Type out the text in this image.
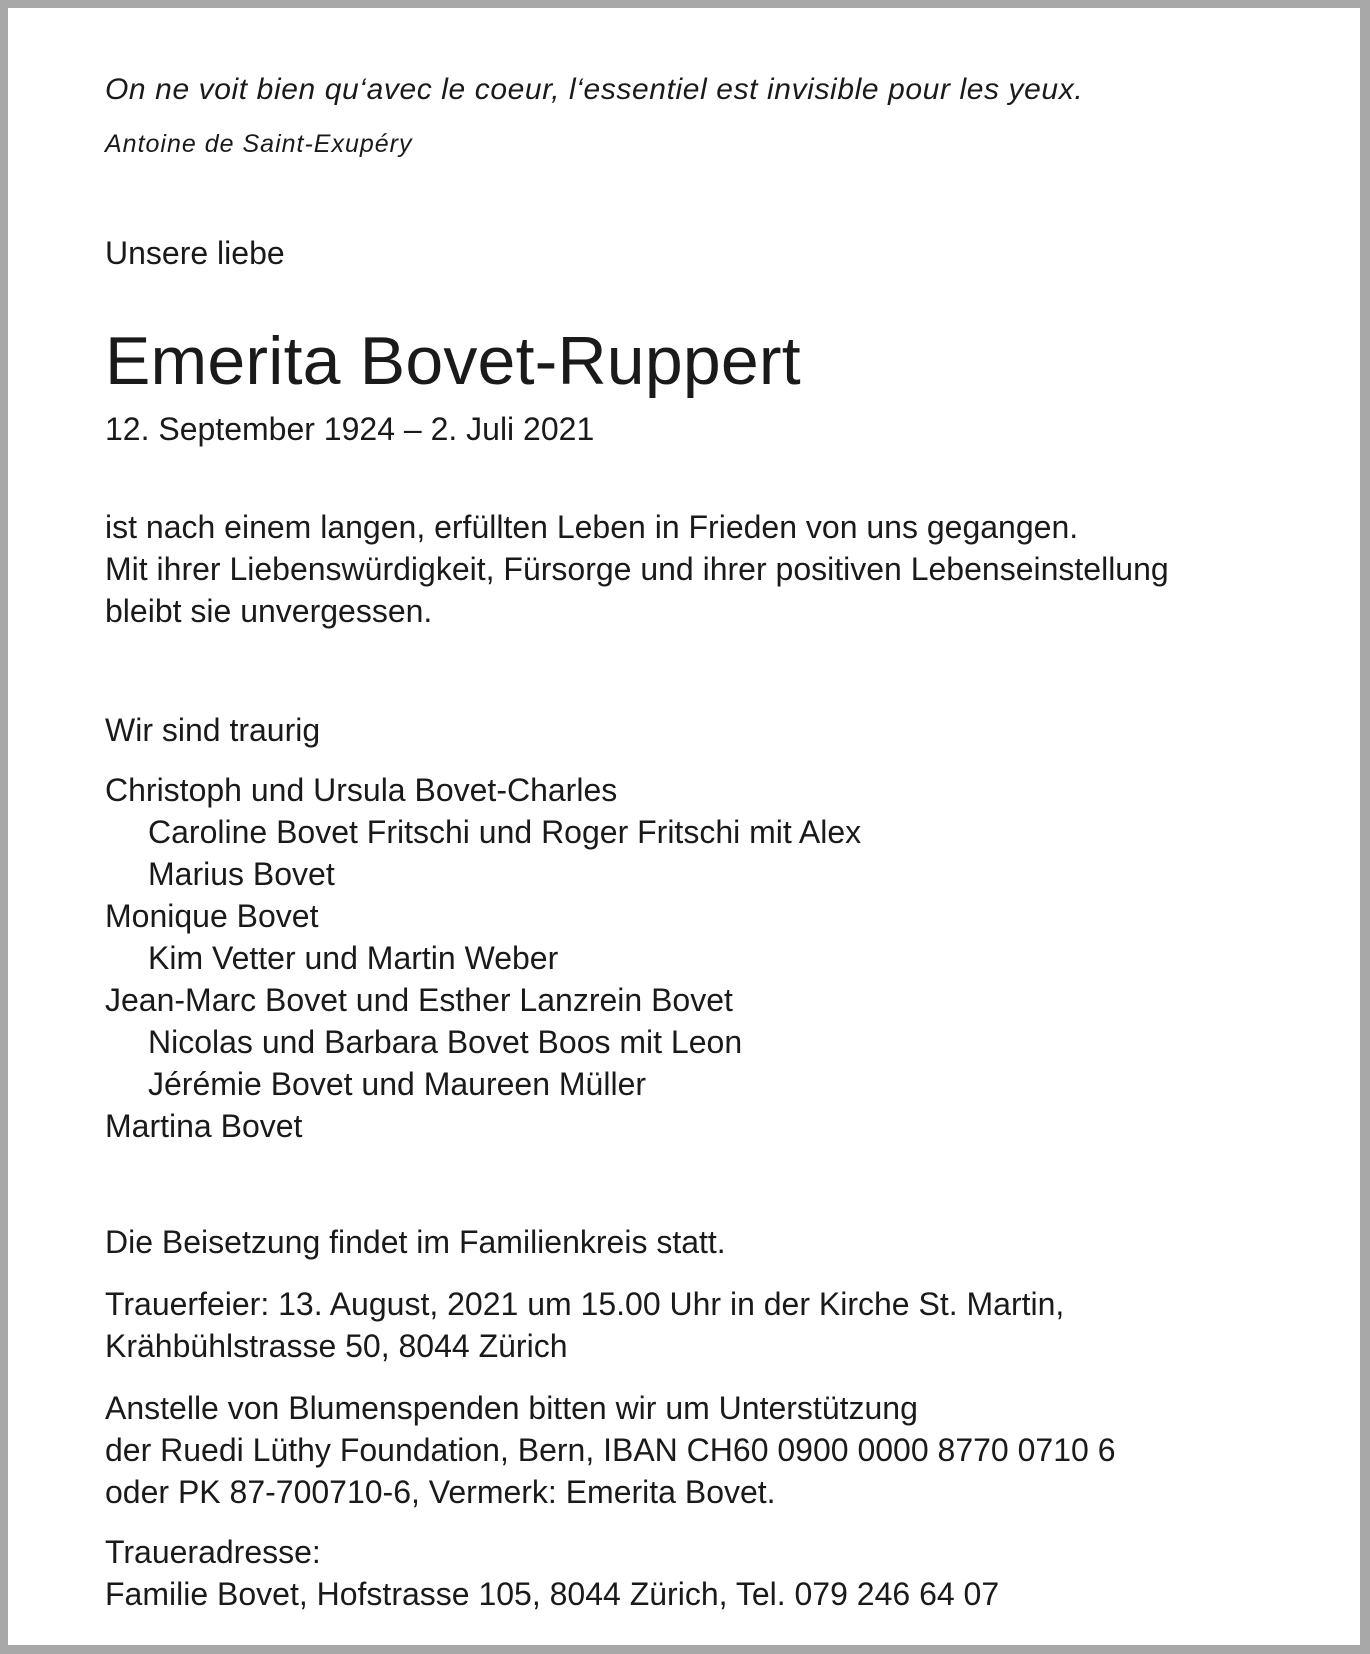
On ne voit bien qu‘avec le coeur, l‘essentiel est invisible pour les yeux.

Antoine de Saint-Exupéry

Unsere liebe

Emerita Bovet-Ruppert

12. September 1924 – 2. Juli 2021

ist nach einem langen, erfüllten Leben in Frieden von uns gegangen.
Mit ihrer Liebenswürdigkeit, Fürsorge und ihrer positiven Lebenseinstellung
bleibt sie unvergessen.

Wir sind traurig

Christoph und Ursula Bovet-Charles
Caroline Bovet Fritschi und Roger Fritschi mit Alex
Marius Bovet
Monique Bovet
Kim Vetter und Martin Weber
Jean-Marc Bovet und Esther Lanzrein Bovet
Nicolas und Barbara Bovet Boos mit Leon
Jérémie Bovet und Maureen Müller
Martina Bovet

Die Beisetzung findet im Familienkreis statt.

Trauerfeier: 13. August, 2021 um 15.00 Uhr in der Kirche St. Martin,
Krähbühlstrasse 50, 8044 Zürich
Anstelle von Blumenspenden bitten wir um Unterstützung
der Ruedi Lüthy Foundation, Bern, IBAN CH60 0900 0000 8770 0710 6
oder PK 87-700710-6, Vermerk: Emerita Bovet.
Traueradresse:
Familie Bovet, Hofstrasse 105, 8044 Zürich, Tel. 079 246 64 07
